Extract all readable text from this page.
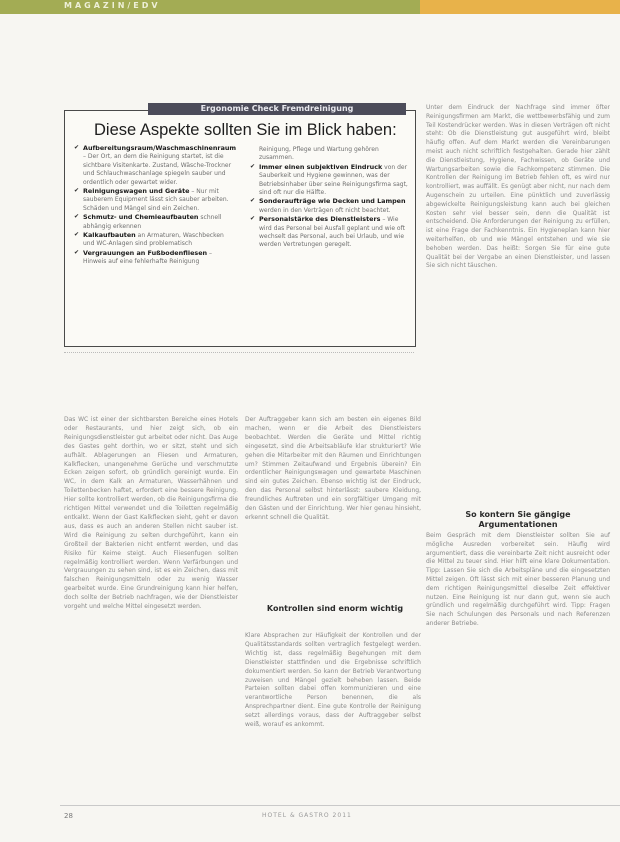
MAGAZIN/EDV
Unter dem Eindruck der Nachfrage sind immer öfter Reinigungsfirmen am Markt, die wettbewerbsfähig und zum Teil Kostendrücker werden. Was in diesen Verträgen oft nicht steht: Ob die Dienstleistung gut ausgeführt wird, bleibt häufig offen. Auf dem Markt werden die Vereinbarungen meist auch nicht schriftlich festgehalten. Gerade hier zählt die Dienstleistung, Hygiene, Fachwissen, ob Geräte und Wartungsarbeiten sowie die Fachkompetenz stimmen. Die Kontrollen der Reinigung im Betrieb fehlen oft, es wird nur kontrolliert, was auffällt. Es genügt aber nicht, nur nach dem Augenschein zu urteilen. Eine pünktlich und zuverlässig abgewickelte Reinigungsleistung kann auch bei gleichen Kosten sehr viel besser sein, denn die Qualität ist entscheidend. Die Anforderungen der Reinigung zu erfüllen, ist eine Frage der Fachkenntnis. Ein Hygieneplan kann hier weiterhelfen, ob und wie Mängel entstehen und wie sie behoben werden. Das heißt: Sorgen Sie für eine gute Qualität bei der Vergabe an einen Dienstleister, und lassen Sie sich nicht täuschen.
Ergonomie Check Fremdreinigung
Diese Aspekte sollten Sie im Blick haben:
✔ Aufbereitungsraum/Waschmaschinenraum – Der Ort, an dem die Reinigung startet, ist die sichtbare Visitenkarte. Zustand, Wäsche-Trockner und Schlauchwaschanlage spiegeln sauber und ordentlich oder gewartet wider.
✔ Reinigungswagen und Geräte – Nur mit sauberem Equipment lässt sich sauber arbeiten. Schäden und Mängel sind ein Zeichen.
✔ Schmutz- und Chemieaufbauten schnell abhängig erkennen
✔ Kalkaufbauten an Armaturen, Waschbecken und WC-Anlagen sind problematisch
✔ Vergrauungen an Fußbodenfliesen – Hinweis auf eine fehlerhafte Reinigung
Reinigung, Pflege und Wartung gehören zusammen.
✔ Immer einen subjektiven Eindruck von der Sauberkeit und Hygiene gewinnen, was der Betriebsinhaber über seine Reinigungsfirma sagt, sind oft nur die Hälfte.
✔ Sonderaufträge wie Decken und Lampen werden in den Verträgen oft nicht beachtet.
✔ Personalstärke des Dienstleisters – Wie wird das Personal bei Ausfall geplant und wie oft wechselt das Personal, auch bei Urlaub, und wie werden Vertretungen geregelt.
Das WC ist einer der sichtbarsten Bereiche eines Hotels oder Restaurants, und hier zeigt sich, ob ein Reinigungsdienstleister gut arbeitet oder nicht. Das Auge des Gastes geht dorthin, wo er sitzt, steht und sich aufhält. Ablagerungen an Fliesen und Armaturen, Kalkflecken, unangenehme Gerüche und verschmutzte Ecken zeigen sofort, ob gründlich gereinigt wurde. Ein WC, in dem Kalk an Armaturen, Wasserhähnen und Toilettenbecken haftet, erfordert eine bessere Reinigung. Hier sollte kontrolliert werden, ob die Reinigungsfirma die richtigen Mittel verwendet und die Toiletten regelmäßig entkalkt. Wenn der Gast Kalkflecken sieht, geht er davon aus, dass es auch an anderen Stellen nicht sauber ist. Wird die Reinigung zu selten durchgeführt, kann ein Großteil der Bakterien nicht entfernt werden, und das Risiko für Keime steigt. Auch Fliesenfugen sollten regelmäßig kontrolliert werden. Wenn Verfärbungen und Vergrauungen zu sehen sind, ist es ein Zeichen, dass mit falschen Reinigungsmitteln oder zu wenig Wasser gearbeitet wurde. Eine Grundreinigung kann hier helfen, doch sollte der Betrieb nachfragen, wie der Dienstleister vorgeht und welche Mittel eingesetzt werden.
Der Auftraggeber kann sich am besten ein eigenes Bild machen, wenn er die Arbeit des Dienstleisters beobachtet. Werden die Geräte und Mittel richtig eingesetzt, sind die Arbeitsabläufe klar strukturiert? Wie gehen die Mitarbeiter mit den Räumen und Einrichtungen um? Stimmen Zeitaufwand und Ergebnis überein? Ein ordentlicher Reinigungswagen und gewartete Maschinen sind ein gutes Zeichen. Ebenso wichtig ist der Eindruck, den das Personal selbst hinterlässt: saubere Kleidung, freundliches Auftreten und ein sorgfältiger Umgang mit den Gästen und der Einrichtung. Wer hier genau hinsieht, erkennt schnell die Qualität.
Kontrollen sind enorm wichtig
Klare Absprachen zur Häufigkeit der Kontrollen und der Qualitätsstandards sollten vertraglich festgelegt werden. Wichtig ist, dass regelmäßig Begehungen mit dem Dienstleister stattfinden und die Ergebnisse schriftlich dokumentiert werden. So kann der Betrieb Verantwortung zuweisen und Mängel gezielt beheben lassen. Beide Parteien sollten dabei offen kommunizieren und eine verantwortliche Person benennen, die als Ansprechpartner dient. Eine gute Kontrolle der Reinigung setzt allerdings voraus, dass der Auftraggeber selbst weiß, worauf es ankommt.
So kontern Sie gängige Argumentationen
Beim Gespräch mit dem Dienstleister sollten Sie auf mögliche Ausreden vorbereitet sein. Häufig wird argumentiert, dass die vereinbarte Zeit nicht ausreicht oder die Mittel zu teuer sind. Hier hilft eine klare Dokumentation. Tipp: Lassen Sie sich die Arbeitspläne und die eingesetzten Mittel zeigen. Oft lässt sich mit einer besseren Planung und dem richtigen Reinigungsmittel dieselbe Zeit effektiver nutzen. Eine Reinigung ist nur dann gut, wenn sie auch gründlich und regelmäßig durchgeführt wird. Tipp: Fragen Sie nach Schulungen des Personals und nach Referenzen anderer Betriebe.
28	HOTEL & GASTRO 2011
